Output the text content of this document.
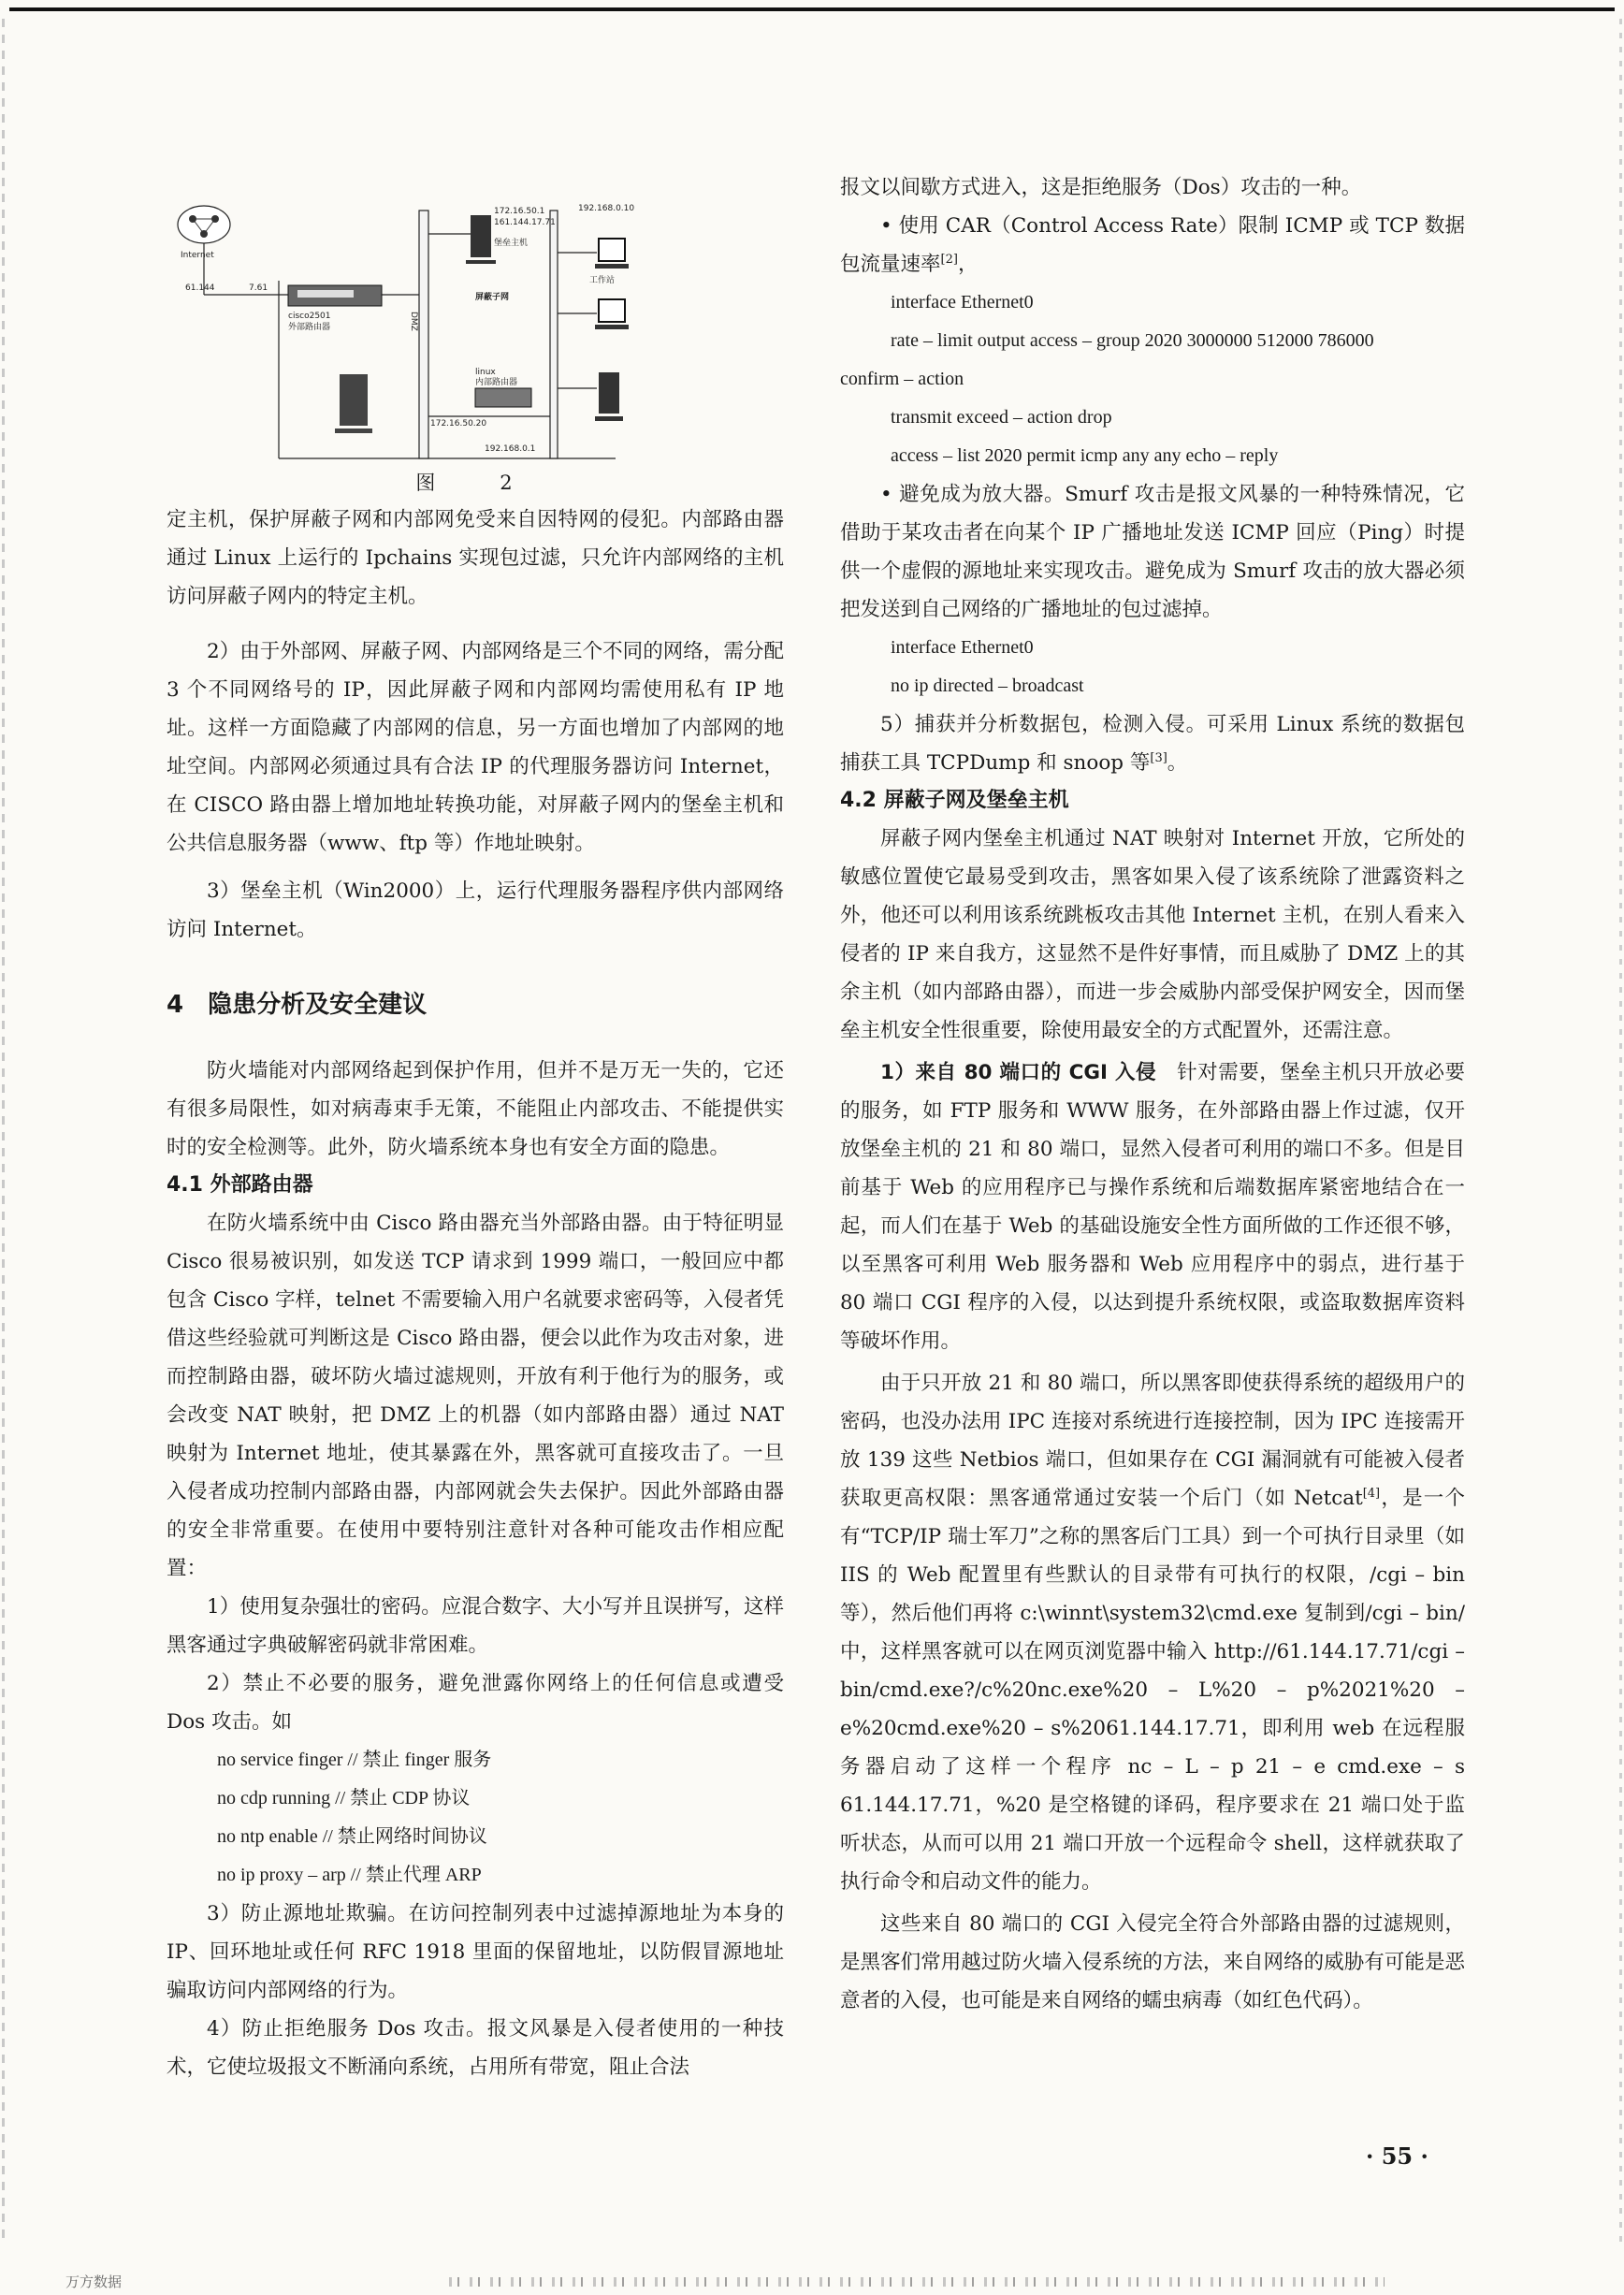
Internet
61.144	7.61
cisco2501
外部路由器
172.16.50.1
161.144.17.71
堡垒主机
屏蔽子网
DMZ
linux
内部路由器
172.16.50.20
192.168.0.1
192.168.0.10
工作站
图　2

定主机，保护屏蔽子网和内部网免受来自因特网的侵犯。内部路由器通过 Linux 上运行的 Ipchains 实现包过滤，只允许内部网络的主机访问屏蔽子网内的特定主机。

2）由于外部网、屏蔽子网、内部网络是三个不同的网络，需分配 3 个不同网络号的 IP，因此屏蔽子网和内部网均需使用私有 IP 地址。这样一方面隐藏了内部网的信息，另一方面也增加了内部网的地址空间。内部网必须通过具有合法 IP 的代理服务器访问 Internet，在 CISCO 路由器上增加地址转换功能，对屏蔽子网内的堡垒主机和公共信息服务器（www、ftp 等）作地址映射。

3）堡垒主机（Win2000）上，运行代理服务器程序供内部网络访问 Internet。

4　隐患分析及安全建议

防火墙能对内部网络起到保护作用，但并不是万无一失的，它还有很多局限性，如对病毒束手无策，不能阻止内部攻击、不能提供实时的安全检测等。此外，防火墙系统本身也有安全方面的隐患。

4.1 外部路由器

在防火墙系统中由 Cisco 路由器充当外部路由器。由于特征明显 Cisco 很易被识别，如发送 TCP 请求到 1999 端口，一般回应中都包含 Cisco 字样，telnet 不需要输入用户名就要求密码等，入侵者凭借这些经验就可判断这是 Cisco 路由器，便会以此作为攻击对象，进而控制路由器，破坏防火墙过滤规则，开放有利于他行为的服务，或会改变 NAT 映射，把 DMZ 上的机器（如内部路由器）通过 NAT 映射为 Internet 地址，使其暴露在外，黑客就可直接攻击了。一旦入侵者成功控制内部路由器，内部网就会失去保护。因此外部路由器的安全非常重要。在使用中要特别注意针对各种可能攻击作相应配置：

1）使用复杂强壮的密码。应混合数字、大小写并且误拼写，这样黑客通过字典破解密码就非常困难。

2）禁止不必要的服务，避免泄露你网络上的任何信息或遭受 Dos 攻击。如

no service finger // 禁止 finger 服务
no cdp running // 禁止 CDP 协议
no ntp enable // 禁止网络时间协议
no ip proxy – arp // 禁止代理 ARP

3）防止源地址欺骗。在访问控制列表中过滤掉源地址为本身的 IP、回环地址或任何 RFC 1918 里面的保留地址，以防假冒源地址骗取访问内部网络的行为。

4）防止拒绝服务 Dos 攻击。报文风暴是入侵者使用的一种技术，它使垃圾报文不断涌向系统，占用所有带宽，阻止合法

报文以间歇方式进入，这是拒绝服务（Dos）攻击的一种。

• 使用 CAR（Control Access Rate）限制 ICMP 或 TCP 数据包流量速率[2]，

interface Ethernet0
rate – limit output access – group 2020 3000000 512000 786000
confirm – action
transmit exceed – action drop
access – list 2020 permit icmp any any echo – reply

• 避免成为放大器。Smurf 攻击是报文风暴的一种特殊情况，它借助于某攻击者在向某个 IP 广播地址发送 ICMP 回应（Ping）时提供一个虚假的源地址来实现攻击。避免成为 Smurf 攻击的放大器必须把发送到自己网络的广播地址的包过滤掉。

interface Ethernet0
no ip directed – broadcast

5）捕获并分析数据包，检测入侵。可采用 Linux 系统的数据包捕获工具 TCPDump 和 snoop 等[3]。

4.2 屏蔽子网及堡垒主机

屏蔽子网内堡垒主机通过 NAT 映射对 Internet 开放，它所处的敏感位置使它最易受到攻击，黑客如果入侵了该系统除了泄露资料之外，他还可以利用该系统跳板攻击其他 Internet 主机，在别人看来入侵者的 IP 来自我方，这显然不是件好事情，而且威胁了 DMZ 上的其余主机（如内部路由器），而进一步会威胁内部受保护网安全，因而堡垒主机安全性很重要，除使用最安全的方式配置外，还需注意。

1）来自 80 端口的 CGI 入侵　针对需要，堡垒主机只开放必要的服务，如 FTP 服务和 WWW 服务，在外部路由器上作过滤，仅开放堡垒主机的 21 和 80 端口，显然入侵者可利用的端口不多。但是目前基于 Web 的应用程序已与操作系统和后端数据库紧密地结合在一起，而人们在基于 Web 的基础设施安全性方面所做的工作还很不够，以至黑客可利用 Web 服务器和 Web 应用程序中的弱点，进行基于 80 端口 CGI 程序的入侵，以达到提升系统权限，或盗取数据库资料等破坏作用。

由于只开放 21 和 80 端口，所以黑客即使获得系统的超级用户的密码，也没办法用 IPC 连接对系统进行连接控制，因为 IPC 连接需开放 139 这些 Netbios 端口，但如果存在 CGI 漏洞就有可能被入侵者获取更高权限：黑客通常通过安装一个后门（如 Netcat[4]，是一个有“TCP/IP 瑞士军刀”之称的黑客后门工具）到一个可执行目录里（如 IIS 的 Web 配置里有些默认的目录带有可执行的权限，/cgi – bin 等），然后他们再将 c:\winnt\system32\cmd.exe 复制到/cgi – bin/中，这样黑客就可以在网页浏览器中输入 http://61.144.17.71/cgi – bin/cmd.exe?/c%20nc.exe%20 – L%20 – p%2021%20 – e%20cmd.exe%20 – s%2061.144.17.71，即利用 web 在远程服务器启动了这样一个程序 nc – L – p 21 – e cmd.exe – s 61.144.17.71，%20 是空格键的译码，程序要求在 21 端口处于监听状态，从而可以用 21 端口开放一个远程命令 shell，这样就获取了执行命令和启动文件的能力。

这些来自 80 端口的 CGI 入侵完全符合外部路由器的过滤规则，是黑客们常用越过防火墙入侵系统的方法，来自网络的威胁有可能是恶意者的入侵，也可能是来自网络的蠕虫病毒（如红色代码）。

· 55 ·
万方数据
